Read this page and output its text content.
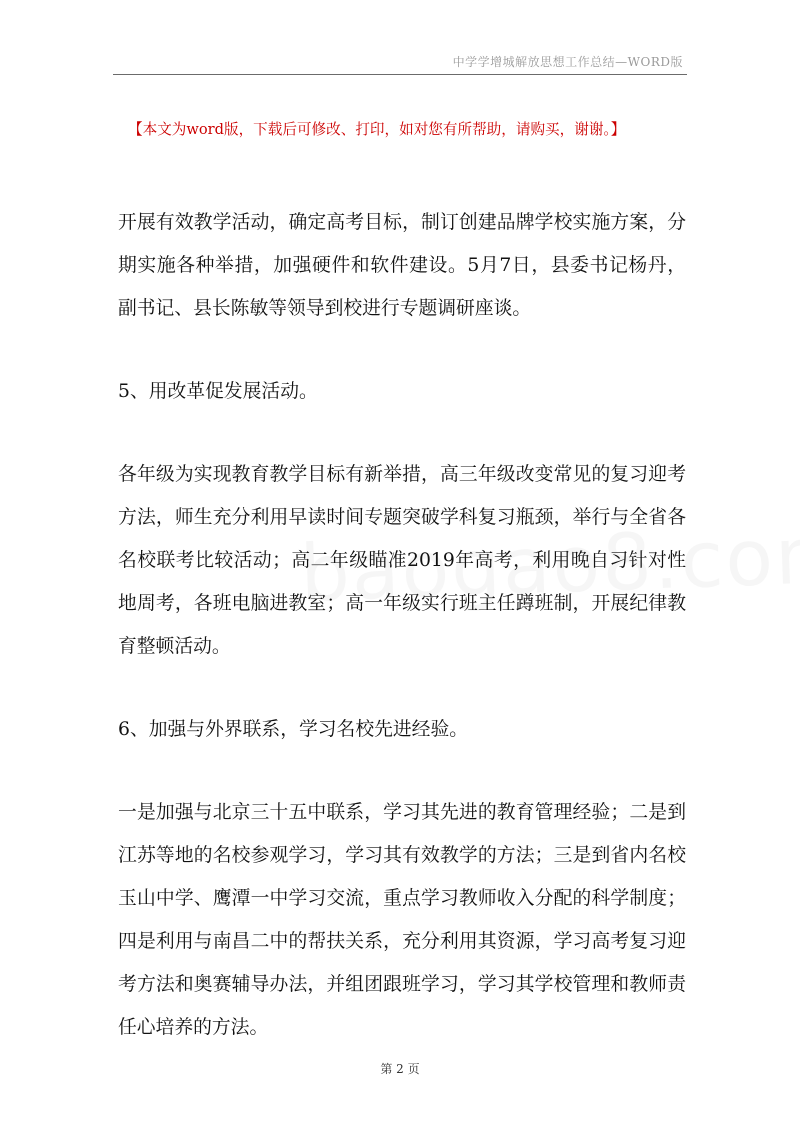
中学学增城解放思想工作总结—WORD版
【本文为word版，下载后可修改、打印，如对您有所帮助，请购买，谢谢。】

开展有效教学活动，确定高考目标，制订创建品牌学校实施方案，分期实施各种举措，加强硬件和软件建设。5月7日，县委书记杨丹，副书记、县长陈敏等领导到校进行专题调研座谈。

5、用改革促发展活动。

各年级为实现教育教学目标有新举措，高三年级改变常见的复习迎考方法，师生充分利用早读时间专题突破学科复习瓶颈，举行与全省各名校联考比较活动；高二年级瞄准2019年高考，利用晚自习针对性地周考，各班电脑进教室；高一年级实行班主任蹲班制，开展纪律教育整顿活动。

6、加强与外界联系，学习名校先进经验。

一是加强与北京三十五中联系，学习其先进的教育管理经验；二是到江苏等地的名校参观学习，学习其有效教学的方法；三是到省内名校玉山中学、鹰潭一中学习交流，重点学习教师收入分配的科学制度；四是利用与南昌二中的帮扶关系，充分利用其资源，学习高考复习迎考方法和奥赛辅导办法，并组团跟班学习，学习其学校管理和教师责任心培养的方法。

第 2 页
